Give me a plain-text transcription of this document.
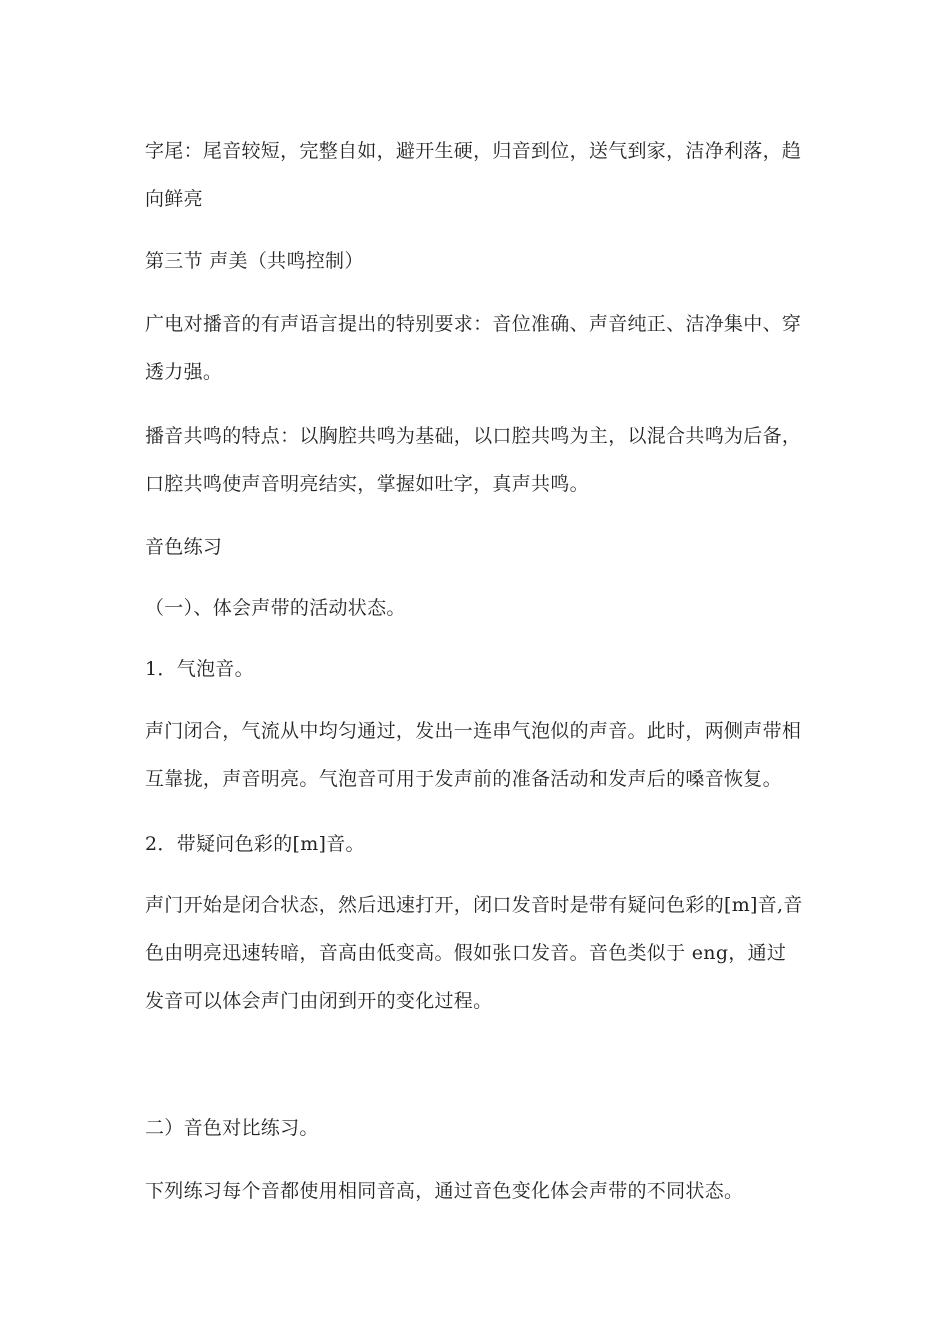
字尾：尾音较短，完整自如，避开生硬，归音到位，送气到家，洁净利落，趋向鲜亮

第三节 声美（共鸣控制）

广电对播音的有声语言提出的特别要求：音位准确、声音纯正、洁净集中、穿透力强。

播音共鸣的特点：以胸腔共鸣为基础，以口腔共鸣为主，以混合共鸣为后备，口腔共鸣使声音明亮结实，掌握如吐字，真声共鸣。

音色练习

（一）、体会声带的活动状态。

1．气泡音。

声门闭合，气流从中均匀通过，发出一连串气泡似的声音。此时，两侧声带相互靠拢，声音明亮。气泡音可用于发声前的准备活动和发声后的嗓音恢复。

2．带疑问色彩的[m]音。

声门开始是闭合状态，然后迅速打开，闭口发音时是带有疑问色彩的[m]音,音色由明亮迅速转暗，音高由低变高。假如张口发音。音色类似于 eng，通过发音可以体会声门由闭到开的变化过程。

二）音色对比练习。

下列练习每个音都使用相同音高，通过音色变化体会声带的不同状态。
